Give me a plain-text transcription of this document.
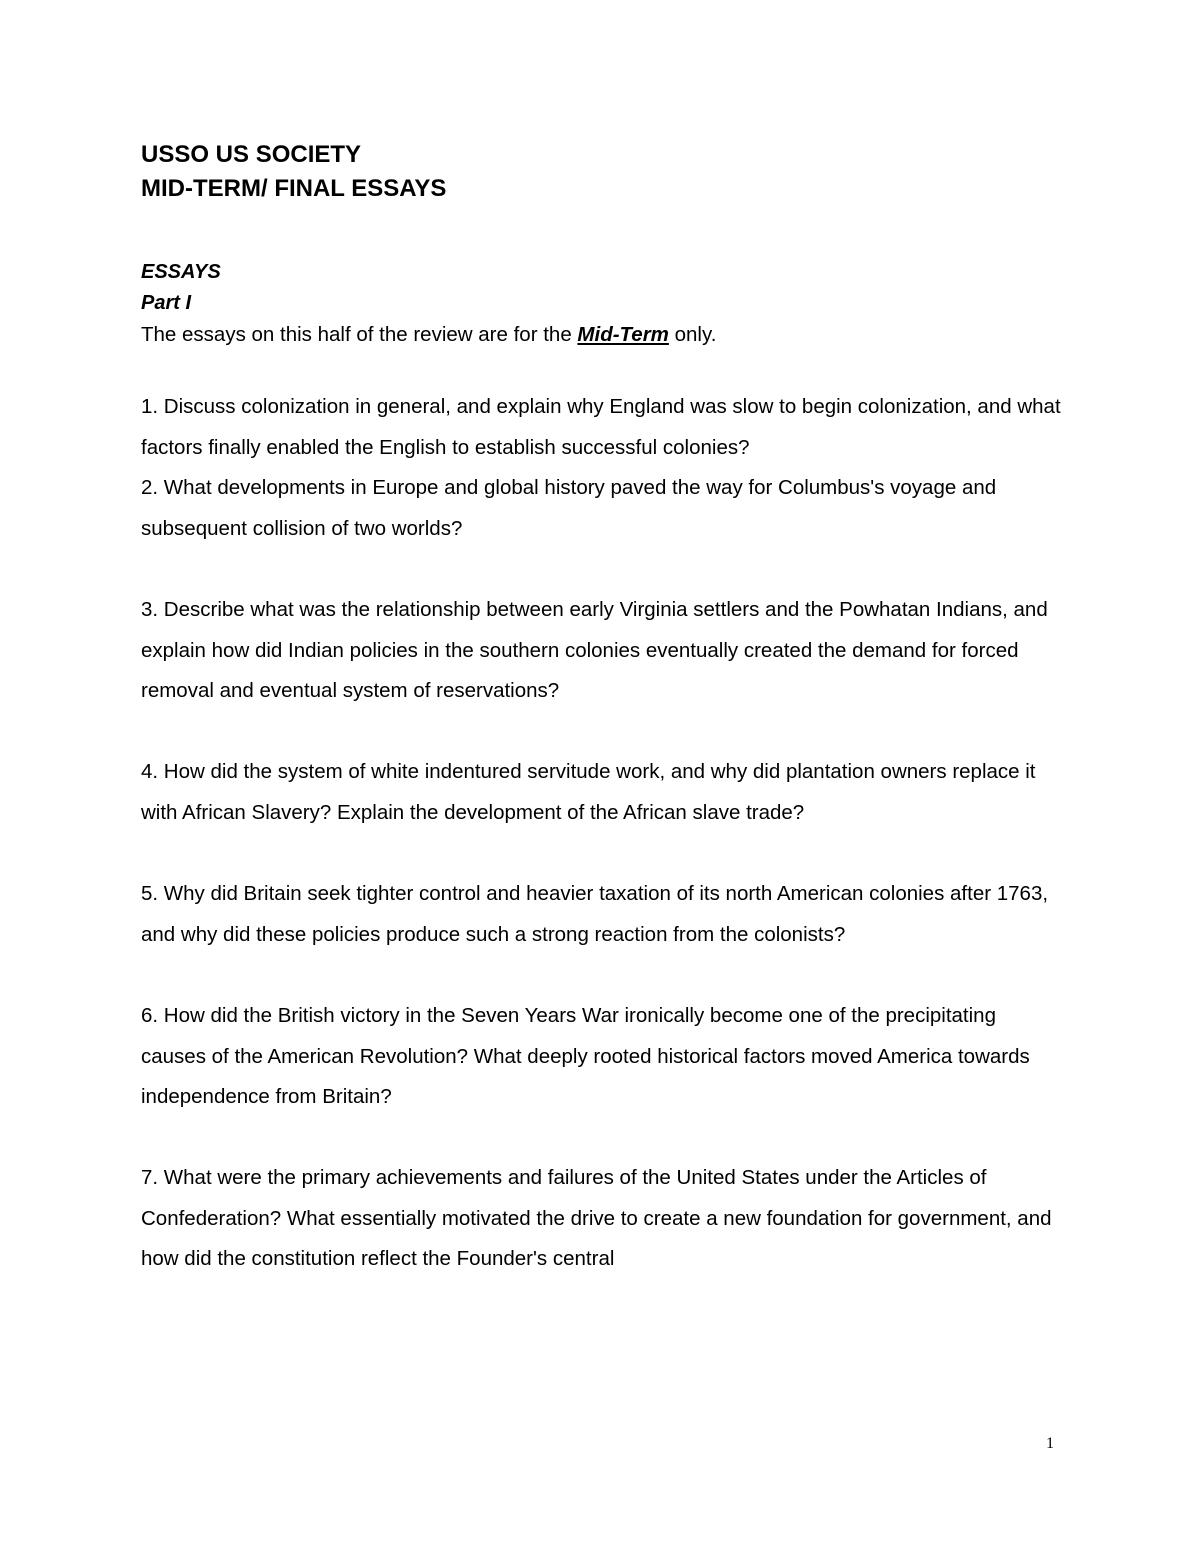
USSO US SOCIETY

MID-TERM/ FINAL ESSAYS

ESSAYS

Part I

The essays on this half of the review are for the Mid-Term only.

1. Discuss colonization in general, and explain why England was slow to begin colonization, and what factors finally enabled the English to establish successful colonies?

2. What developments in Europe and global history paved the way for Columbus's voyage and subsequent collision of two worlds?

3. Describe what was the relationship between early Virginia settlers and the Powhatan Indians, and explain how did Indian policies in the southern colonies eventually created the demand for forced removal and eventual system of reservations?

4. How did the system of white indentured servitude work, and why did plantation owners replace it with African Slavery? Explain the development of the African slave trade?

5. Why did Britain seek tighter control and heavier taxation of its north American colonies after 1763, and why did these policies produce such a strong reaction from the colonists?

6. How did the British victory in the Seven Years War ironically become one of the precipitating causes of the American Revolution? What deeply rooted historical factors moved America towards independence from Britain?

7. What were the primary achievements and failures of the United States under the Articles of Confederation? What essentially motivated the drive to create a new foundation for government, and how did the constitution reflect the Founder's central

1
